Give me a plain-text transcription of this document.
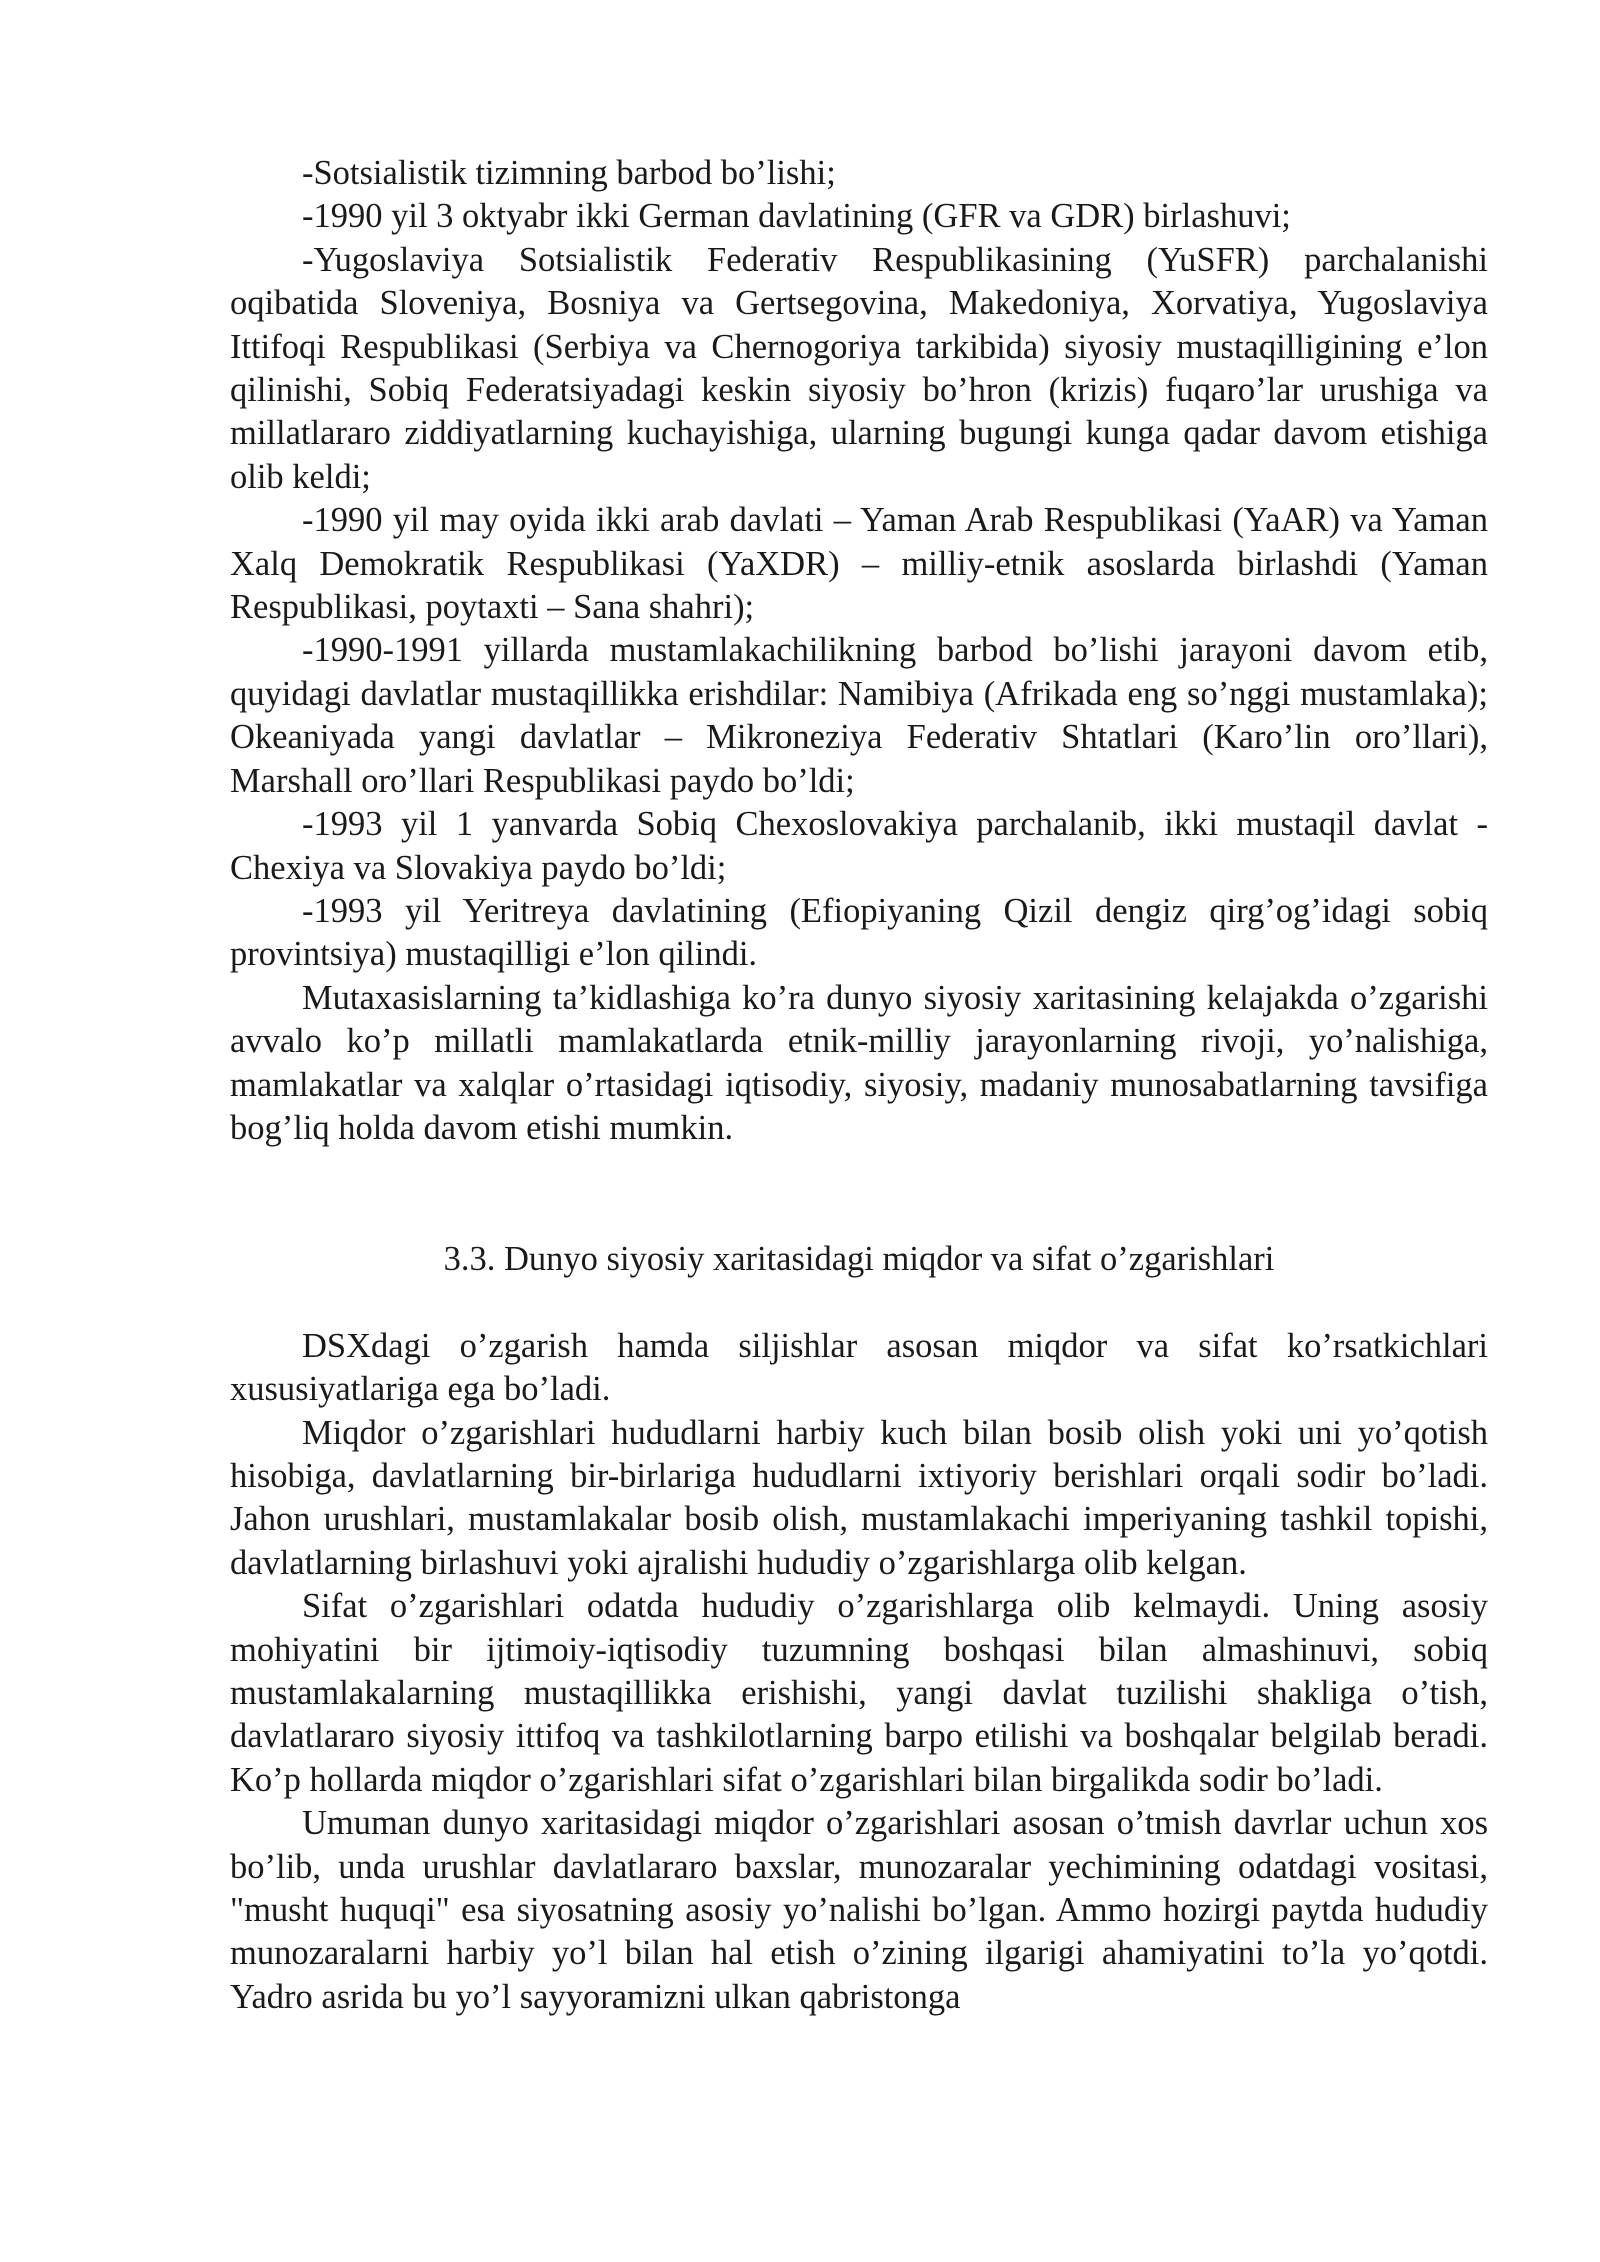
-Sotsialistik tizimning barbod bo’lishi;

-1990 yil 3 oktyabr ikki German davlatining (GFR va GDR) birlashuvi;

-Yugoslaviya Sotsialistik Federativ Respublikasining (YuSFR) parchalanishi oqibatida Sloveniya, Bosniya va Gertsegovina, Makedoniya, Xorvatiya, Yugoslaviya Ittifoqi Respublikasi (Serbiya va Chernogoriya tarkibida) siyosiy mustaqilligining e’lon qilinishi, Sobiq Federatsiyadagi keskin siyosiy bo’hron (krizis) fuqaro’lar urushiga va millatlararo ziddiyatlarning kuchayishiga, ularning bugungi kunga qadar davom etishiga olib keldi;

-1990 yil may oyida ikki arab davlati – Yaman Arab Respublikasi (YaAR) va Yaman Xalq Demokratik Respublikasi (YaXDR) – milliy-etnik asoslarda birlashdi (Yaman Respublikasi, poytaxti – Sana shahri);

-1990-1991 yillarda mustamlakachilikning barbod bo’lishi jarayoni davom etib, quyidagi davlatlar mustaqillikka erishdilar: Namibiya (Afrikada eng so’nggi mustamlaka); Okeaniyada yangi davlatlar – Mikroneziya Federativ Shtatlari (Karo’lin oro’llari), Marshall oro’llari Respublikasi paydo bo’ldi;

-1993 yil 1 yanvarda Sobiq Chexoslovakiya parchalanib, ikki mustaqil davlat - Chexiya va Slovakiya paydo bo’ldi;

-1993 yil Yeritreya davlatining (Efiopiyaning Qizil dengiz qirg’og’idagi sobiq provintsiya) mustaqilligi e’lon qilindi.

Mutaxasislarning ta’kidlashiga ko’ra dunyo siyosiy xaritasining kelajakda o’zgarishi avvalo ko’p millatli mamlakatlarda etnik-milliy jarayonlarning rivoji, yo’nalishiga, mamlakatlar va xalqlar o’rtasidagi iqtisodiy, siyosiy, madaniy munosabatlarning tavsifiga bog’liq holda davom etishi mumkin.

3.3. Dunyo siyosiy xaritasidagi miqdor va sifat o’zgarishlari

DSXdagi o’zgarish hamda siljishlar asosan miqdor va sifat ko’rsatkichlari xususiyatlariga ega bo’ladi.

Miqdor o’zgarishlari hududlarni harbiy kuch bilan bosib olish yoki uni yo’qotish hisobiga, davlatlarning bir-birlariga hududlarni ixtiyoriy berishlari orqali sodir bo’ladi. Jahon urushlari, mustamlakalar bosib olish, mustamlakachi imperiyaning tashkil topishi, davlatlarning birlashuvi yoki ajralishi hududiy o’zgarishlarga olib kelgan.

Sifat o’zgarishlari odatda hududiy o’zgarishlarga olib kelmaydi. Uning asosiy mohiyatini bir ijtimoiy-iqtisodiy tuzumning boshqasi bilan almashinuvi, sobiq mustamlakalarning mustaqillikka erishishi, yangi davlat tuzilishi shakliga o’tish, davlatlararo siyosiy ittifoq va tashkilotlarning barpo etilishi va boshqalar belgilab beradi. Ko’p hollarda miqdor o’zgarishlari sifat o’zgarishlari bilan birgalikda sodir bo’ladi.

Umuman dunyo xaritasidagi miqdor o’zgarishlari asosan o’tmish davrlar uchun xos bo’lib, unda urushlar davlatlararo baxslar, munozaralar yechimining odatdagi vositasi, "musht huquqi" esa siyosatning asosiy yo’nalishi bo’lgan. Ammo hozirgi paytda hududiy munozaralarni harbiy yo’l bilan hal etish o’zining ilgarigi ahamiyatini to’la yo’qotdi. Yadro asrida bu yo’l sayyoramizni ulkan qabristonga
